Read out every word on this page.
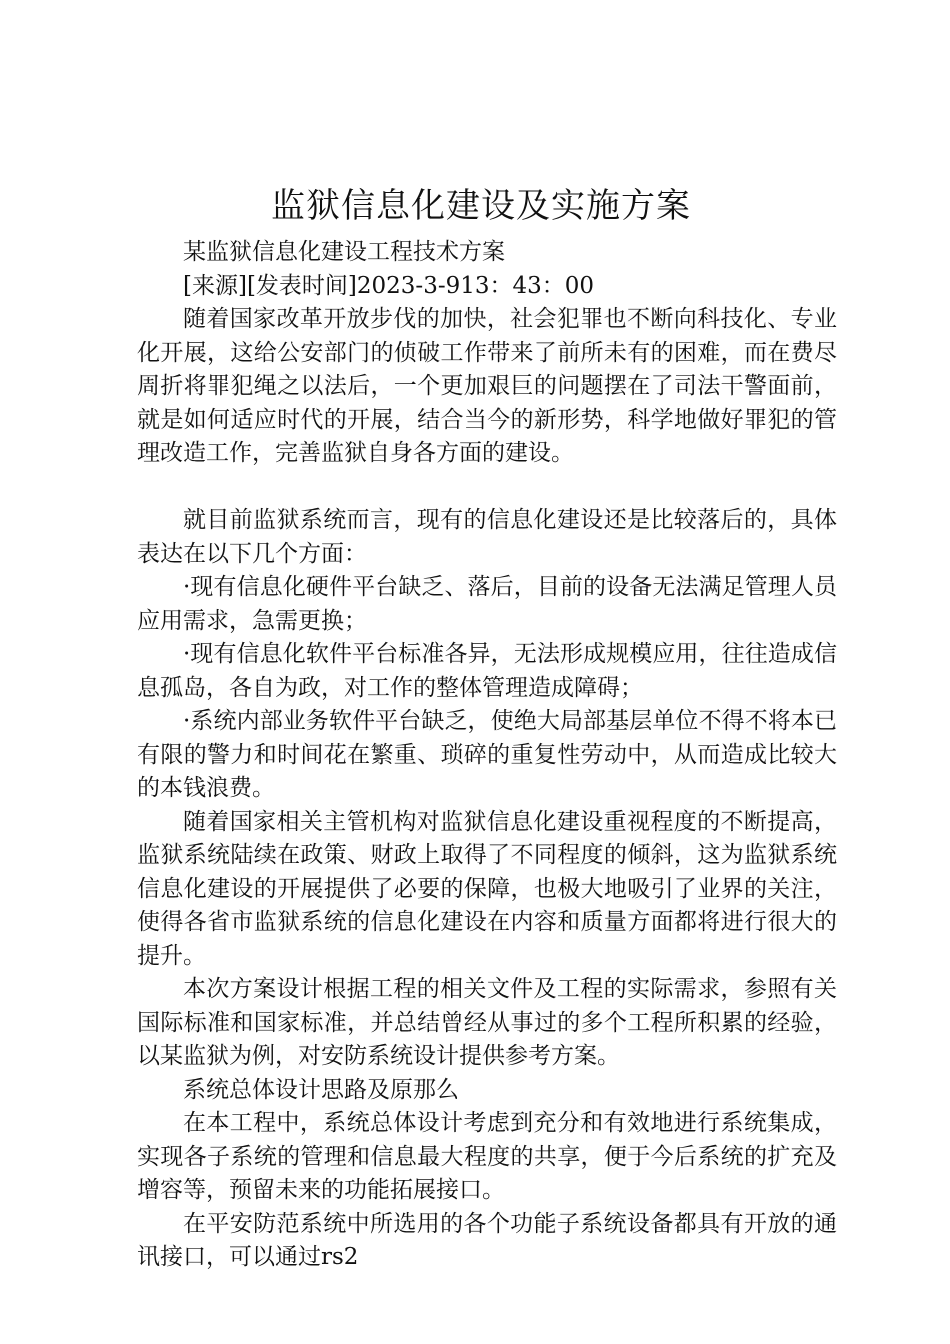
监狱信息化建设及实施方案

某监狱信息化建设工程技术方案

[来源][发表时间]2023-3-913：43：00

随着国家改革开放步伐的加快，社会犯罪也不断向科技化、专业化开展，这给公安部门的侦破工作带来了前所未有的困难，而在费尽周折将罪犯绳之以法后，一个更加艰巨的问题摆在了司法干警面前，就是如何适应时代的开展，结合当今的新形势，科学地做好罪犯的管理改造工作，完善监狱自身各方面的建设。

就目前监狱系统而言，现有的信息化建设还是比较落后的，具体表达在以下几个方面：

·现有信息化硬件平台缺乏、落后，目前的设备无法满足管理人员应用需求，急需更换；

·现有信息化软件平台标准各异，无法形成规模应用，往往造成信息孤岛，各自为政，对工作的整体管理造成障碍；

·系统内部业务软件平台缺乏，使绝大局部基层单位不得不将本已有限的警力和时间花在繁重、琐碎的重复性劳动中，从而造成比较大的本钱浪费。

随着国家相关主管机构对监狱信息化建设重视程度的不断提高，监狱系统陆续在政策、财政上取得了不同程度的倾斜，这为监狱系统信息化建设的开展提供了必要的保障，也极大地吸引了业界的关注，使得各省市监狱系统的信息化建设在内容和质量方面都将进行很大的提升。

本次方案设计根据工程的相关文件及工程的实际需求，参照有关国际标准和国家标准，并总结曾经从事过的多个工程所积累的经验，以某监狱为例，对安防系统设计提供参考方案。

系统总体设计思路及原那么

在本工程中，系统总体设计考虑到充分和有效地进行系统集成，实现各子系统的管理和信息最大程度的共享，便于今后系统的扩充及增容等，预留未来的功能拓展接口。

在平安防范系统中所选用的各个功能子系统设备都具有开放的通讯接口，可以通过rs2
